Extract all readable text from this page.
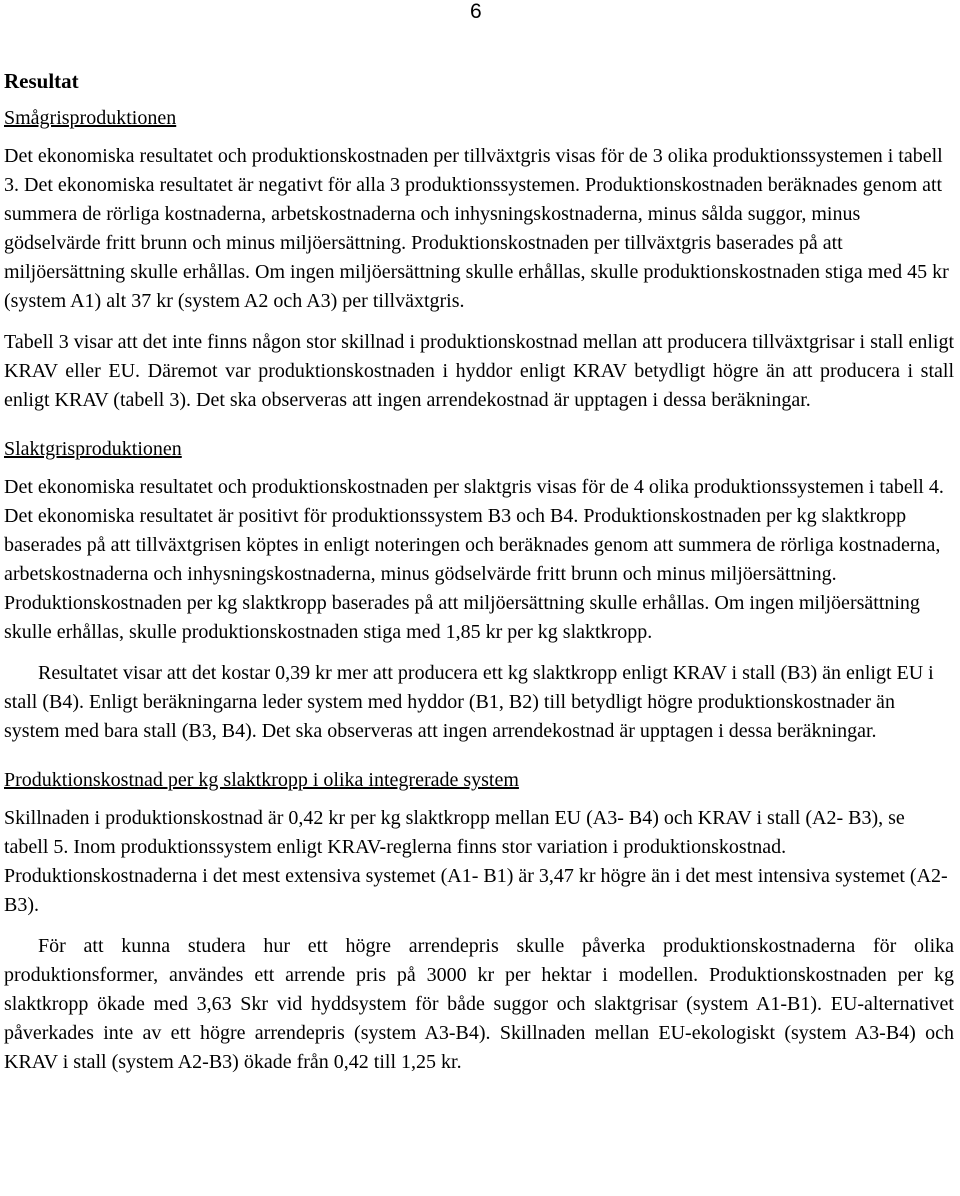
6
Resultat
Smågrisproduktionen

Det ekonomiska resultatet och produktionskostnaden per tillväxtgris visas för de 3 olika produktionssystemen i tabell 3. Det ekonomiska resultatet är negativt för alla 3 produktionssystemen. Produktionskostnaden beräknades genom att summera de rörliga kostnaderna, arbetskostnaderna och inhysningskostnaderna, minus sålda suggor, minus gödselvärde fritt brunn och minus miljöersättning. Produktionskostnaden per tillväxtgris baserades på att miljöersättning skulle erhållas. Om ingen miljöersättning skulle erhållas, skulle produktionskostnaden stiga med 45 kr (system A1) alt 37 kr (system A2 och A3) per tillväxtgris.

Tabell 3 visar att det inte finns någon stor skillnad i produktionskostnad mellan att producera tillväxtgrisar i stall enligt KRAV eller EU. Däremot var produktionskostnaden i hyddor enligt KRAV betydligt högre än att producera i stall enligt KRAV (tabell 3). Det ska observeras att ingen arrendekostnad är upptagen i dessa beräkningar.

Slaktgrisproduktionen

Det ekonomiska resultatet och produktionskostnaden per slaktgris visas för de 4 olika produktionssystemen i tabell 4. Det ekonomiska resultatet är positivt för produktionssystem B3 och B4. Produktionskostnaden per kg slaktkropp baserades på att tillväxtgrisen köptes in enligt noteringen och beräknades genom att summera de rörliga kostnaderna, arbetskostnaderna och inhysningskostnaderna, minus gödselvärde fritt brunn och minus miljöersättning. Produktionskostnaden per kg slaktkropp baserades på att miljöersättning skulle erhållas. Om ingen miljöersättning skulle erhållas, skulle produktionskostnaden stiga med 1,85 kr per kg slaktkropp.

Resultatet visar att det kostar 0,39 kr mer att producera ett kg slaktkropp enligt KRAV i stall (B3) än enligt EU i stall (B4). Enligt beräkningarna leder system med hyddor (B1, B2) till betydligt högre produktionskostnader än system med bara stall (B3, B4). Det ska observeras att ingen arrendekostnad är upptagen i dessa beräkningar.

Produktionskostnad per kg slaktkropp i olika integrerade system

Skillnaden i produktionskostnad är 0,42 kr per kg slaktkropp mellan EU (A3- B4) och KRAV i stall (A2- B3), se tabell 5. Inom produktionssystem enligt KRAV-reglerna finns stor variation i produktionskostnad. Produktionskostnaderna i det mest extensiva systemet (A1- B1) är 3,47 kr högre än i det mest intensiva systemet (A2- B3).

För att kunna studera hur ett högre arrendepris skulle påverka produktionskostnaderna för olika produktionsformer, användes ett arrende pris på 3000 kr per hektar i modellen. Produktionskostnaden per kg slaktkropp ökade med 3,63 Skr vid hyddsystem för både suggor och slaktgrisar (system A1-B1). EU-alternativet påverkades inte av ett högre arrendepris (system A3-B4). Skillnaden mellan EU-ekologiskt (system A3-B4) och KRAV i stall (system A2-B3) ökade från 0,42 till 1,25 kr.
